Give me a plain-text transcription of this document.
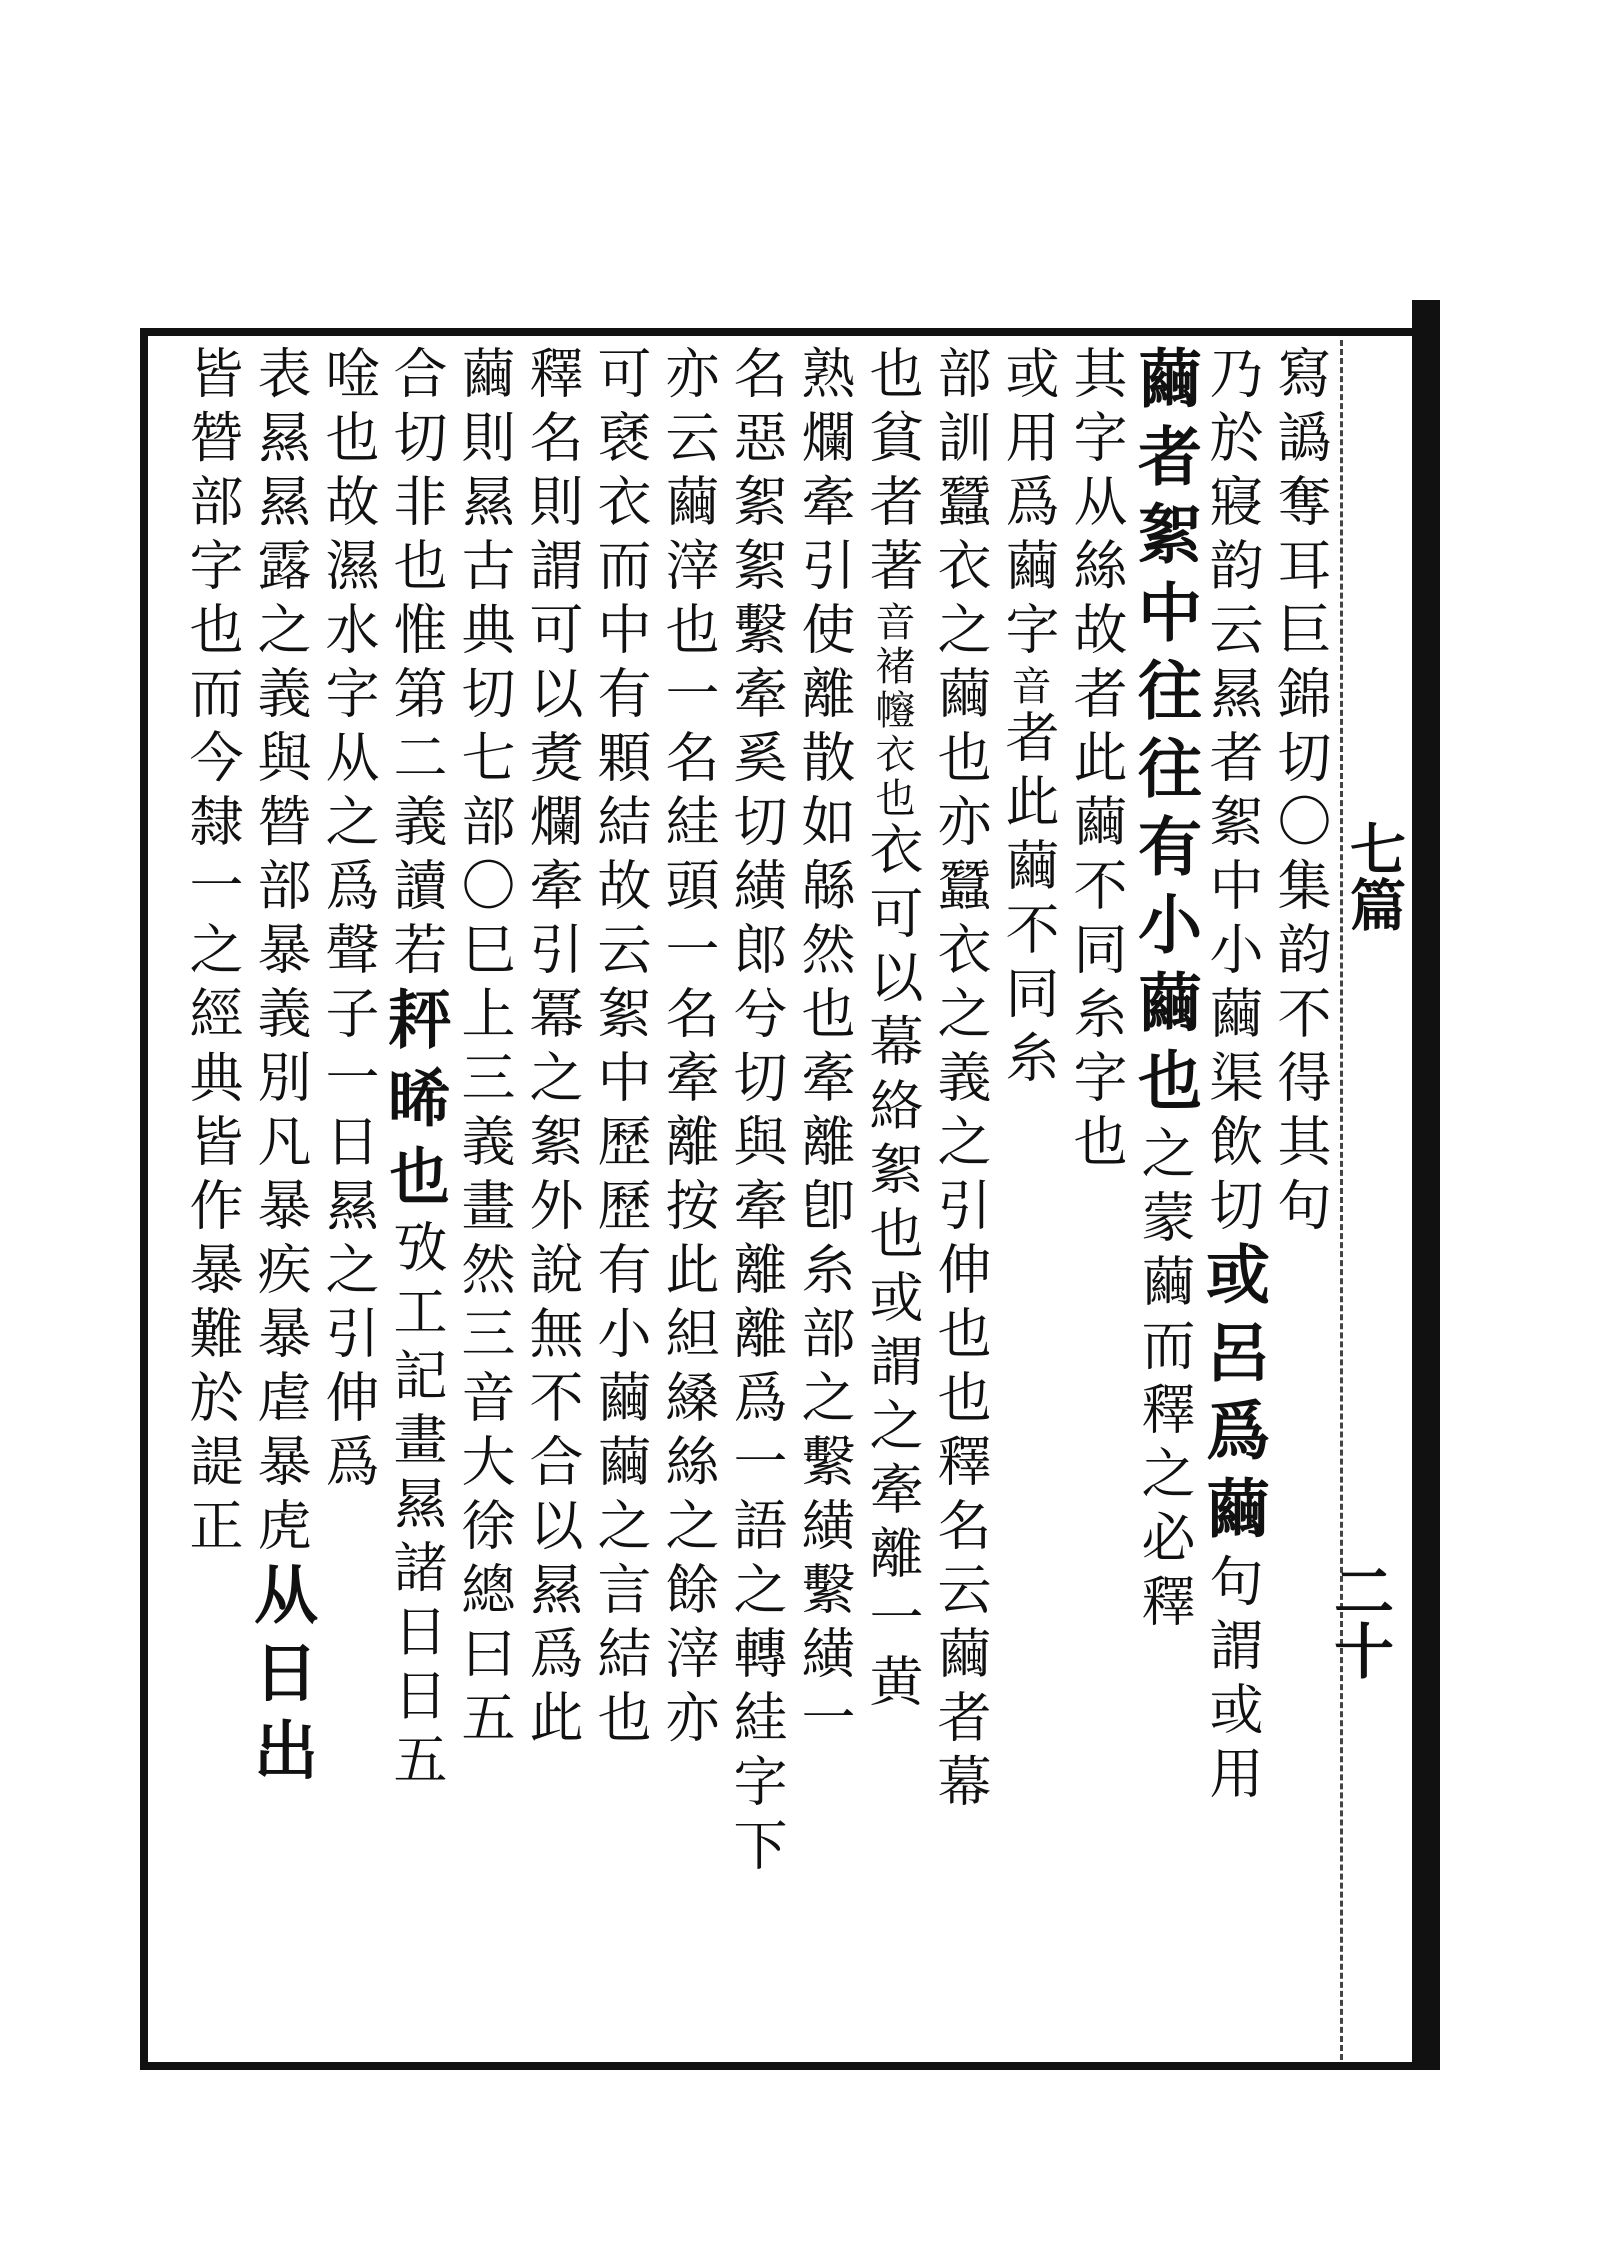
七篇
二十
寫譌奪耳巨錦切〇集韵不得其句
乃於寢韵云㬎者絮中小繭渠飲切或呂爲繭句謂或用
繭者絮中往往有小繭也之蒙繭而釋之必釋
其字从絲故者此繭不同糸字也
或用爲繭字音者此繭不同糸
部訓蠶衣之繭也亦蠶衣之義之引伸也也釋名云繭者幕
也貧者著音褚㡧衣也衣可以幕絡絮也或謂之牽離一黄
熟爛牽引使離散如緜然也牽離卽糸部之繫䌙繫䌙一
名惡絮絮繫牽奚切䌙郎兮切與牽離離爲一語之轉絓字下
亦云繭滓也一名絓頭一名牽離按此䋎縔絲之餘滓亦
可褎衣而中有顆結故云絮中歷歷有小繭繭之言結也
釋名則謂可以煑爛牽引冪之絮外說無不合以㬎爲此
繭則㬎古典切七部〇巳上三義畫然三音大徐總曰五
合切非也惟第二義讀若𦓬晞也攷工記畫㬎諸日日五
唫也故濕水字从之爲聲子一日㬎之引伸爲
表㬎㬎露之義與㬱部暴義別凡暴疾暴虐暴虎从日出
皆㬱部字也而今隸一之經典皆作暴難於諟正
